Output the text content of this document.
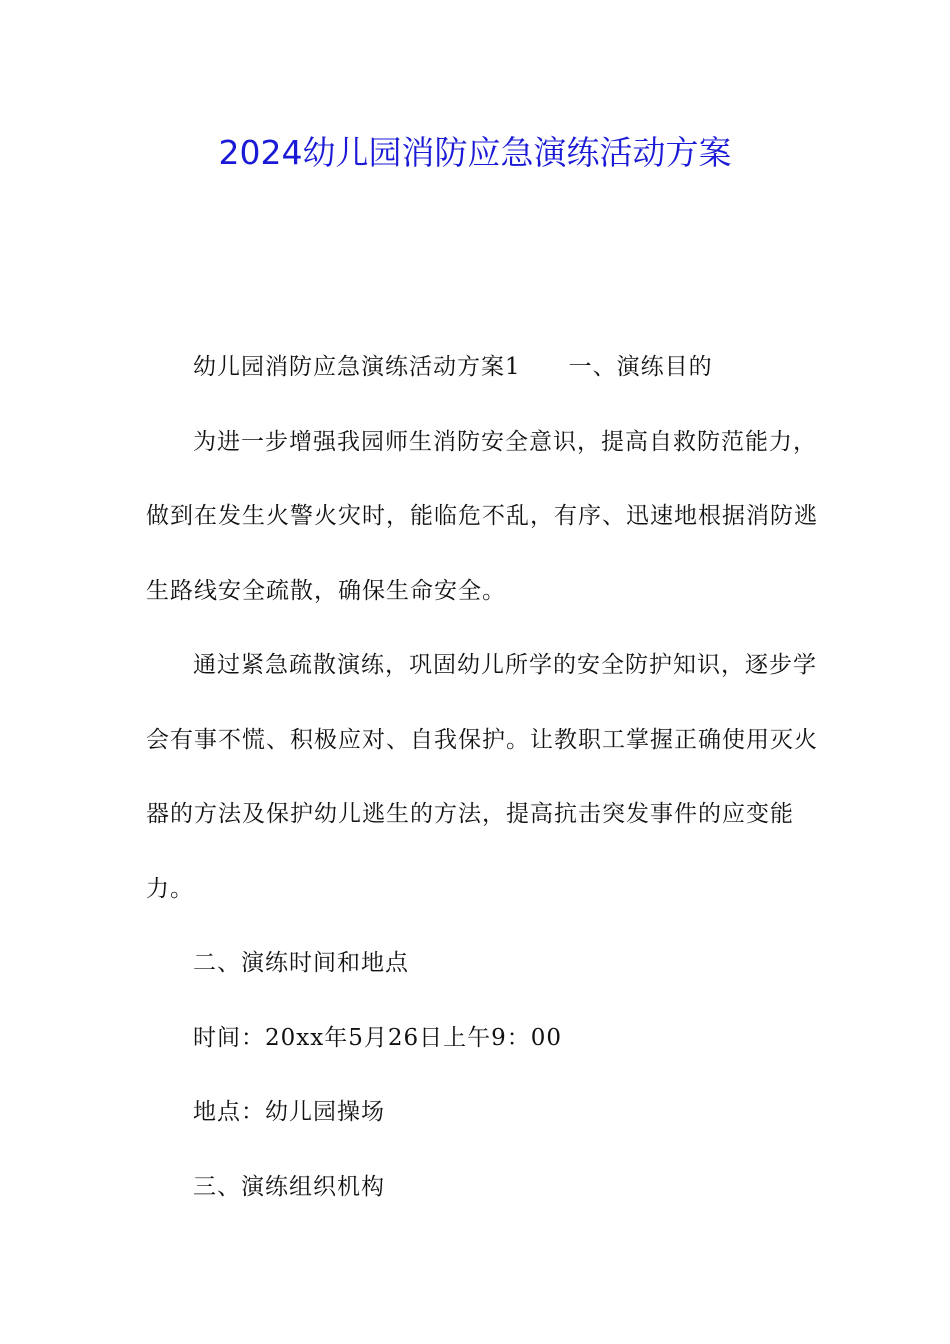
2024幼儿园消防应急演练活动方案

幼儿园消防应急演练活动方案1 一、演练目的

为进一步增强我园师生消防安全意识，提高自救防范能力，做到在发生火警火灾时，能临危不乱，有序、迅速地根据消防逃生路线安全疏散，确保生命安全。

通过紧急疏散演练，巩固幼儿所学的安全防护知识，逐步学会有事不慌、积极应对、自我保护。让教职工掌握正确使用灭火器的方法及保护幼儿逃生的方法，提高抗击突发事件的应变能力。

二、演练时间和地点

时间：20xx年5月26日上午9：00

地点：幼儿园操场

三、演练组织机构
